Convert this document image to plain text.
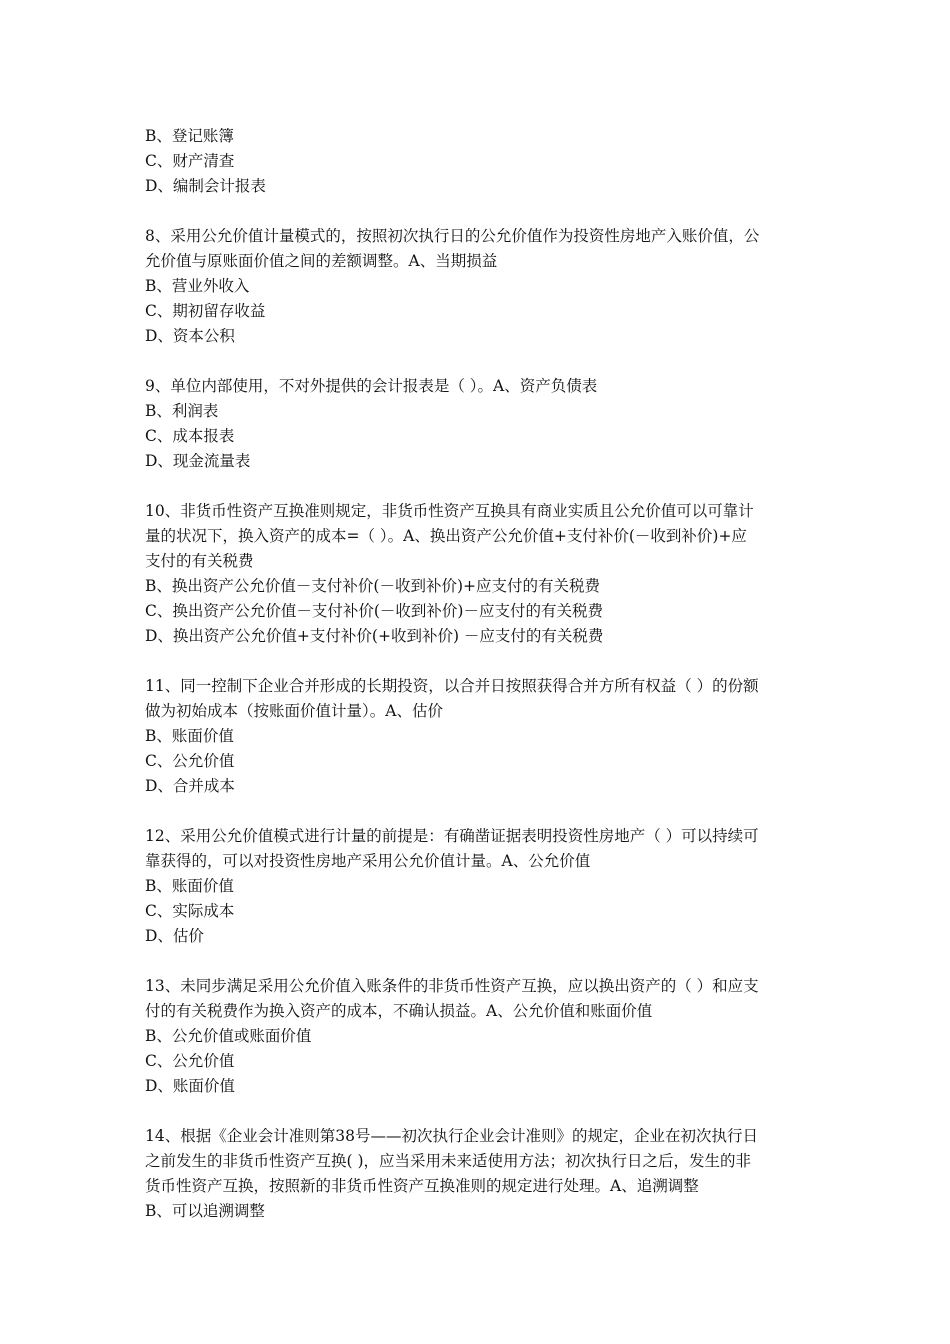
B、登记账簿

C、财产清查

D、编制会计报表

8、采用公允价值计量模式的，按照初次执行日的公允价值作为投资性房地产入账价值，公

允价值与原账面价值之间的差额调整。A、当期损益

B、营业外收入

C、期初留存收益

D、资本公积

9、单位内部使用，不对外提供的会计报表是（ ）。A、资产负债表

B、利润表

C、成本报表

D、现金流量表

10、非货币性资产互换准则规定，非货币性资产互换具有商业实质且公允价值可以可靠计

量的状况下，换入资产的成本=（ ）。A、换出资产公允价值+支付补价(－收到补价)+应

支付的有关税费

B、换出资产公允价值－支付补价(－收到补价)+应支付的有关税费

C、换出资产公允价值－支付补价(－收到补价)－应支付的有关税费

D、换出资产公允价值+支付补价(+收到补价) －应支付的有关税费

11、同一控制下企业合并形成的长期投资，以合并日按照获得合并方所有权益（ ）的份额

做为初始成本（按账面价值计量）。A、估价

B、账面价值

C、公允价值

D、合并成本

12、采用公允价值模式进行计量的前提是：有确凿证据表明投资性房地产（ ）可以持续可

靠获得的，可以对投资性房地产采用公允价值计量。A、公允价值

B、账面价值

C、实际成本

D、估价

13、未同步满足采用公允价值入账条件的非货币性资产互换，应以换出资产的（ ）和应支

付的有关税费作为换入资产的成本，不确认损益。A、公允价值和账面价值

B、公允价值或账面价值

C、公允价值

D、账面价值

14、根据《企业会计准则第38号——初次执行企业会计准则》的规定，企业在初次执行日

之前发生的非货币性资产互换( )，应当采用未来适使用方法；初次执行日之后，发生的非

货币性资产互换，按照新的非货币性资产互换准则的规定进行处理。A、追溯调整

B、可以追溯调整
